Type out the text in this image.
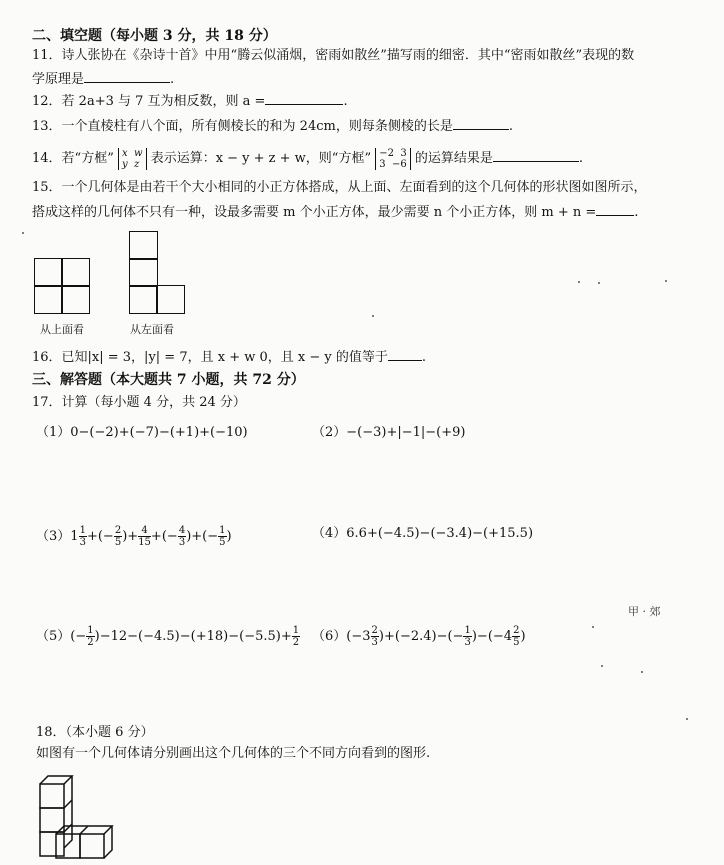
二、填空题（每小题 3 分，共 18 分）
11．诗人张协在《杂诗十首》中用“腾云似涌烟，密雨如散丝”描写雨的细密．其中“密雨如散丝”表现的数
学原理是	.
12．若 2a+3 与 7 互为相反数，则 a =	.
13．一个直棱柱有八个面，所有侧棱长的和为 24cm，则每条侧棱的长是	.
14．若“方框” x w
y z 表示运算：x − y + z + w，则“方框” −2 3
3 −6 的运算结果是	.
15．一个几何体是由若干个大小相同的小正方体搭成，从上面、左面看到的这个几何体的形状图如图所示，
搭成这样的几何体不只有一种，设最多需要 m 个小正方体，最少需要 n 个小正方体，则 m + n =	.
从上面看	从左面看
16．已知|x| = 3，|y| = 7，且 x + w 0，且 x − y 的值等于	.
三、解答题（本大题共 7 小题，共 72 分）
17．计算（每小题 4 分，共 24 分）
（1）0−(−2)+(−7)−(+1)+(−10)	（2）−(−3)+|−1|−(+9)
$(3)1 \frac{1}{3}$ +(− $\frac{2}{5}$ )+ $\frac{4}{15}$ +(− $\frac{4}{3}$ )+(− $\frac{1}{5}$ )	（4）6.6+(−4.5)−(−3.4)−(+15.5)
$(5)(- \frac{1}{2} )-12-(-4.5)-(+18)-(-5.5)+ \frac{1}{2} (6)(-3 \frac{2}{3} )+(-2.4)-(- \frac{1}{3} )-(-4 \frac{2}{5}$ )
甲 · 郊
18．（本小题 6 分）
如图有一个几何体请分别画出这个几何体的三个不同方向看到的图形.
